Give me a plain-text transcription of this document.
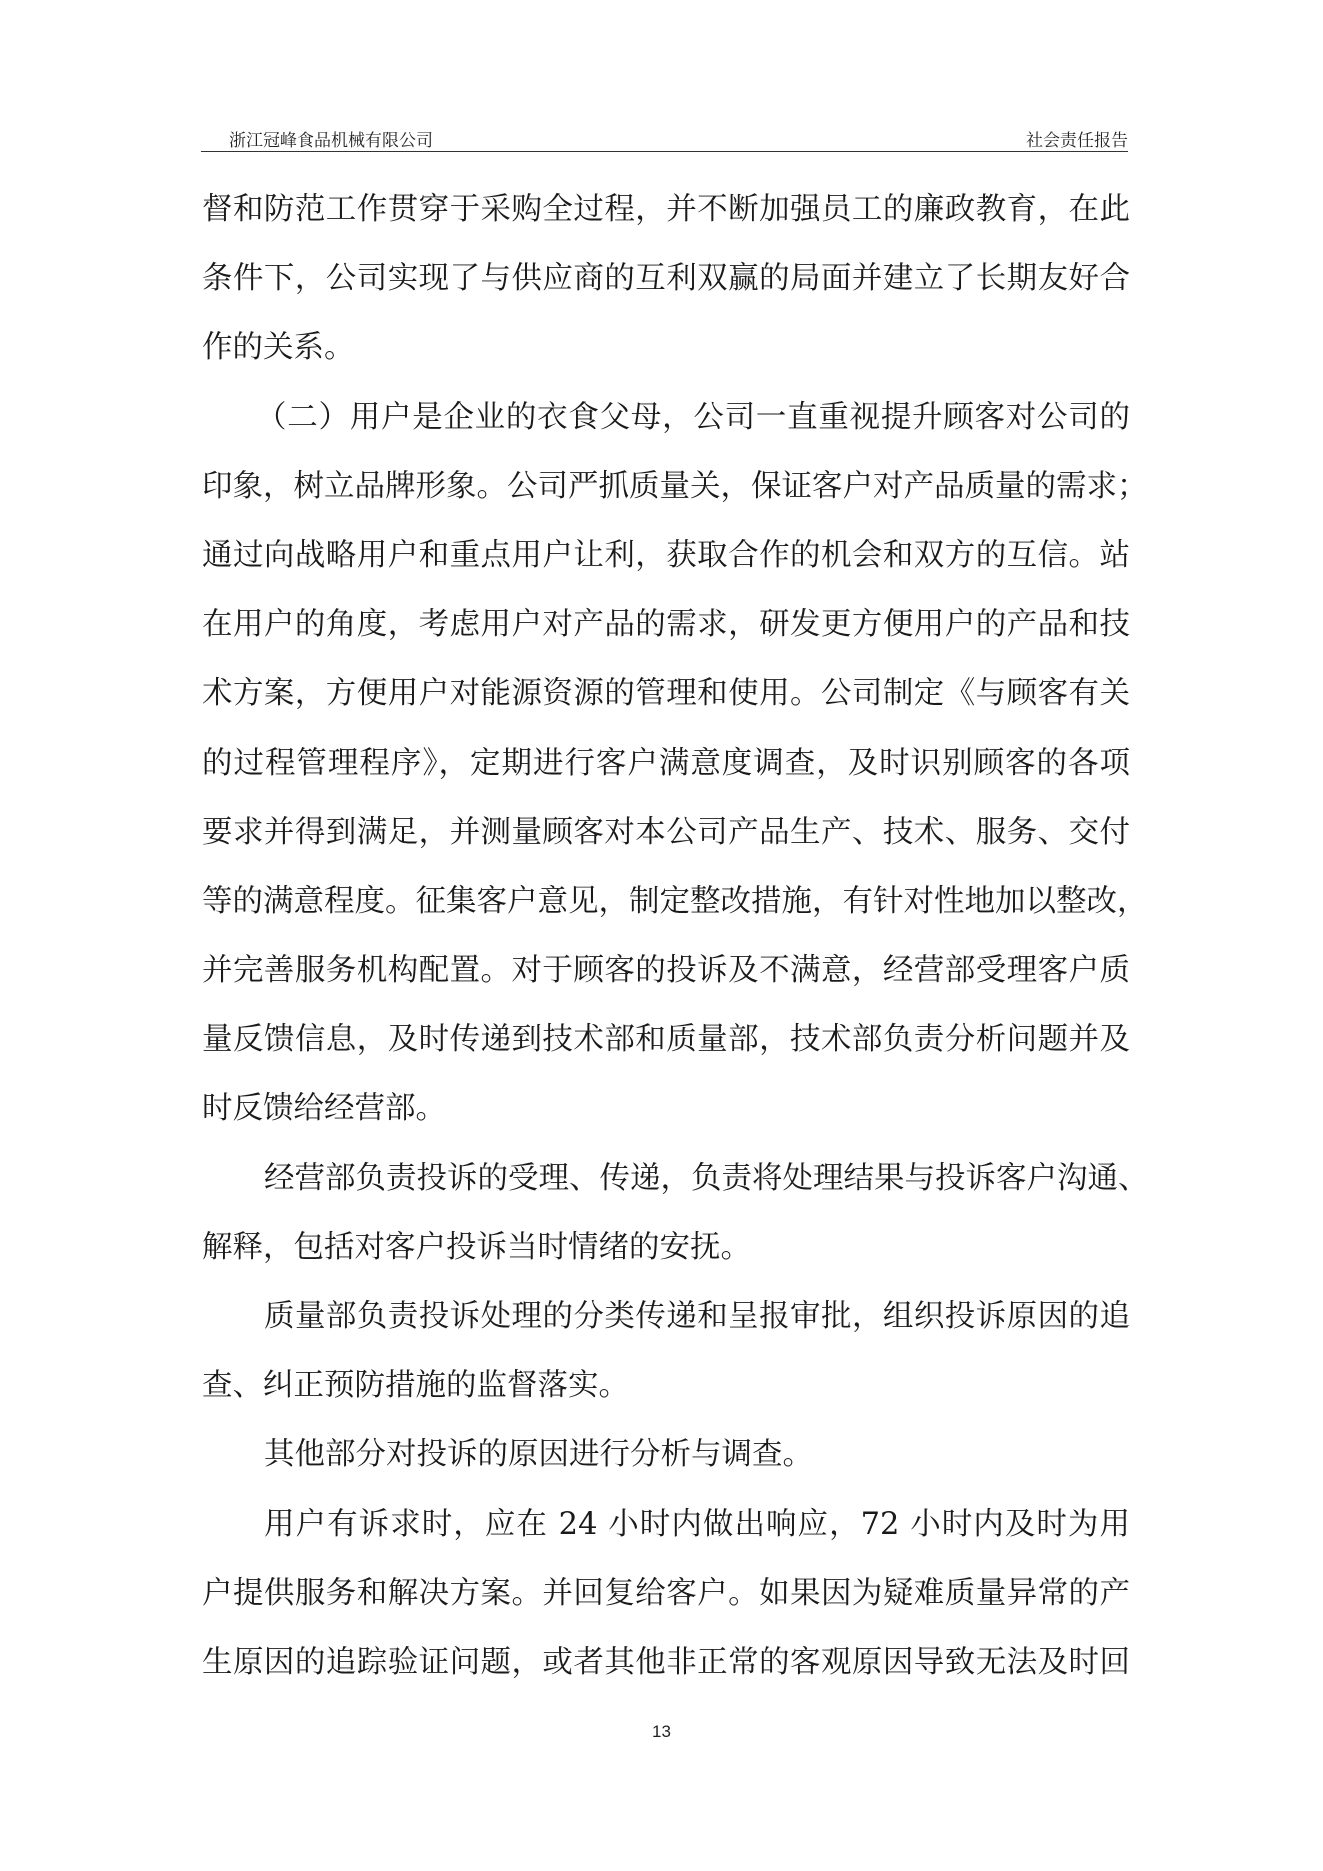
浙江冠峰食品机械有限公司	社会责任报告
督和防范工作贯穿于采购全过程，并不断加强员工的廉政教育，在此
条件下，公司实现了与供应商的互利双赢的局面并建立了长期友好合
作的关系。
（二）用户是企业的衣食父母，公司一直重视提升顾客对公司的
印象，树立品牌形象。公司严抓质量关，保证客户对产品质量的需求；
通过向战略用户和重点用户让利，获取合作的机会和双方的互信。站
在用户的角度，考虑用户对产品的需求，研发更方便用户的产品和技
术方案，方便用户对能源资源的管理和使用。公司制定《与顾客有关
的过程管理程序》，定期进行客户满意度调查，及时识别顾客的各项
要求并得到满足，并测量顾客对本公司产品生产、技术、服务、交付
等的满意程度。征集客户意见，制定整改措施，有针对性地加以整改，
并完善服务机构配置。对于顾客的投诉及不满意，经营部受理客户质
量反馈信息，及时传递到技术部和质量部，技术部负责分析问题并及
时反馈给经营部。
经营部负责投诉的受理、传递，负责将处理结果与投诉客户沟通、
解释，包括对客户投诉当时情绪的安抚。
质量部负责投诉处理的分类传递和呈报审批，组织投诉原因的追
查、纠正预防措施的监督落实。
其他部分对投诉的原因进行分析与调查。
用户有诉求时，应在 24 小时内做出响应，72 小时内及时为用
户提供服务和解决方案。并回复给客户。如果因为疑难质量异常的产
生原因的追踪验证问题，或者其他非正常的客观原因导致无法及时回
13
